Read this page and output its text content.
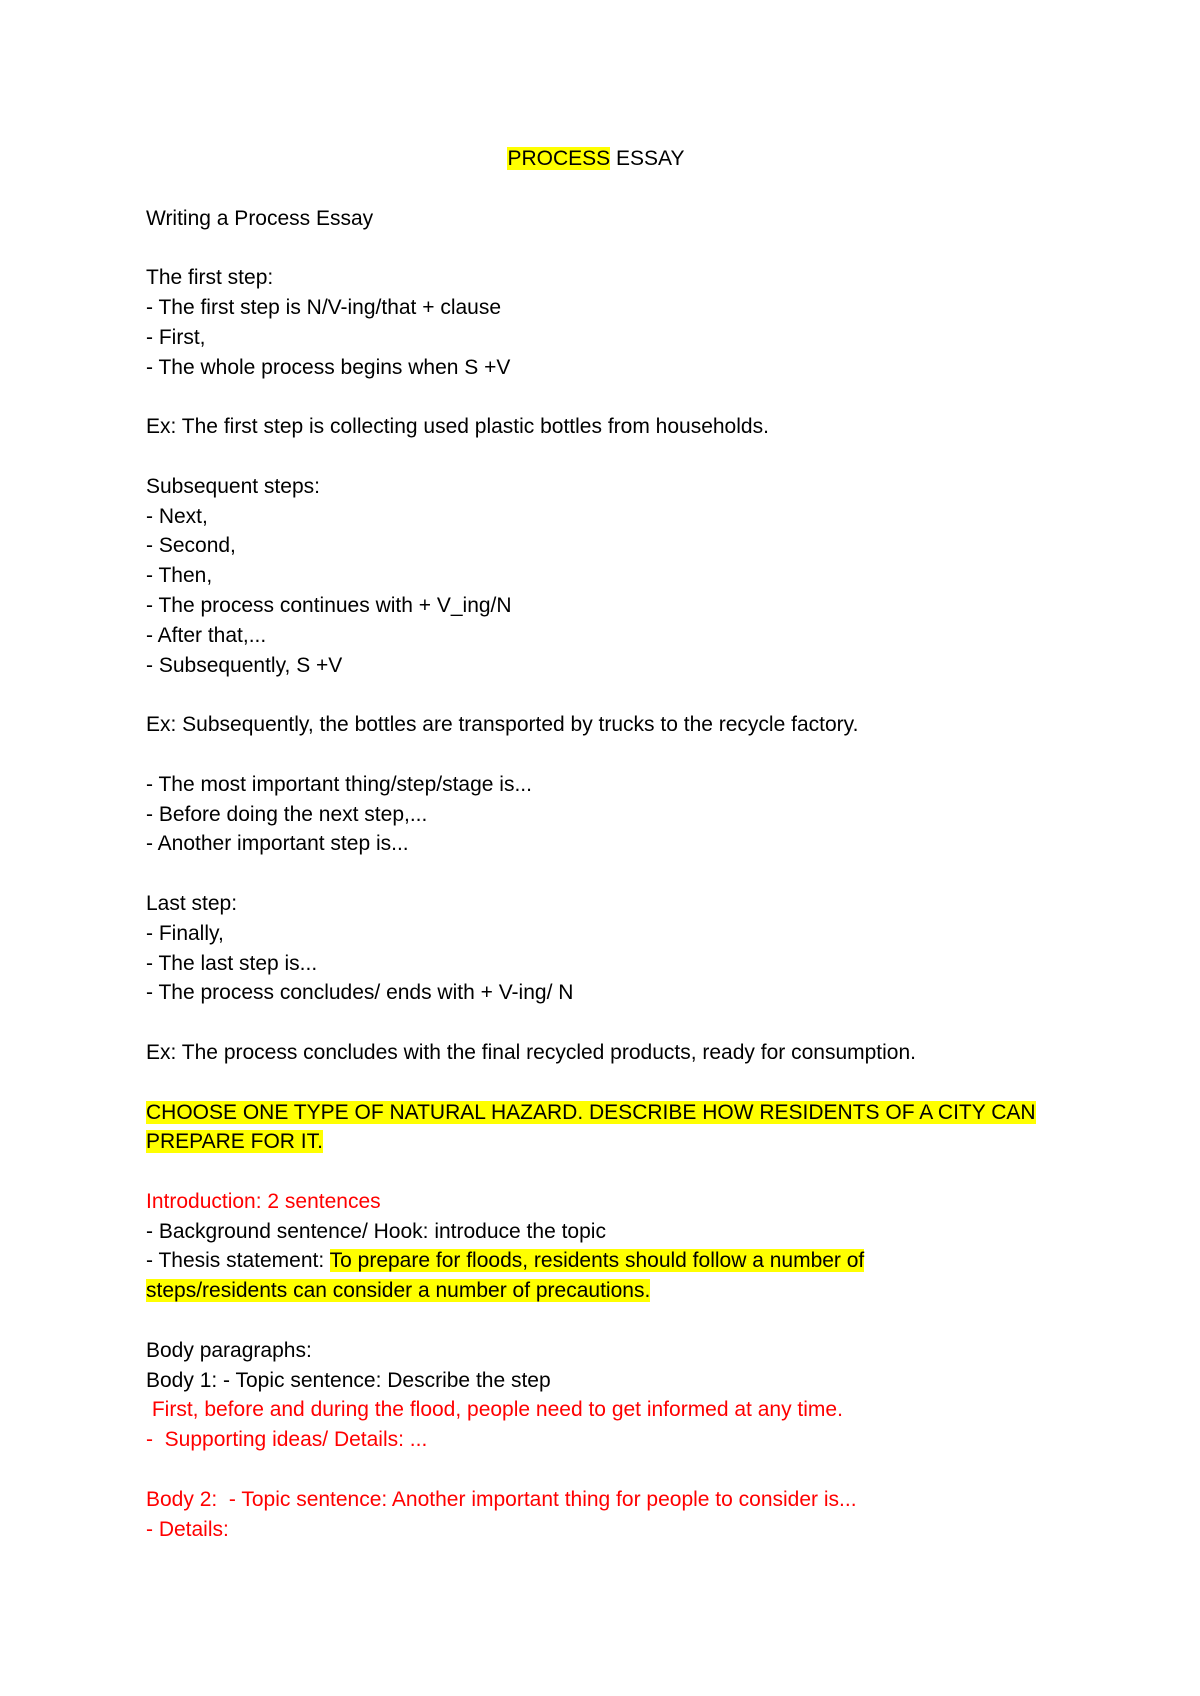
PROCESS ESSAY
Writing a Process Essay
The first step:
- The first step is N/V-ing/that + clause
- First,
- The whole process begins when S +V
Ex: The first step is collecting used plastic bottles from households.
Subsequent steps:
- Next,
- Second,
- Then,
- The process continues with + V_ing/N
- After that,...
- Subsequently, S +V
Ex: Subsequently, the bottles are transported by trucks to the recycle factory.
- The most important thing/step/stage is...
- Before doing the next step,...
- Another important step is...
Last step:
- Finally,
- The last step is...
- The process concludes/ ends with + V-ing/ N
Ex: The process concludes with the final recycled products, ready for consumption.
CHOOSE ONE TYPE OF NATURAL HAZARD. DESCRIBE HOW RESIDENTS OF A CITY CAN
PREPARE FOR IT.
Introduction: 2 sentences
- Background sentence/ Hook: introduce the topic
- Thesis statement: To prepare for floods, residents should follow a number of
steps/residents can consider a number of precautions.
Body paragraphs:
Body 1: - Topic sentence: Describe the step
First, before and during the flood, people need to get informed at any time.
-  Supporting ideas/ Details: ...
Body 2:  - Topic sentence: Another important thing for people to consider is...
- Details:
